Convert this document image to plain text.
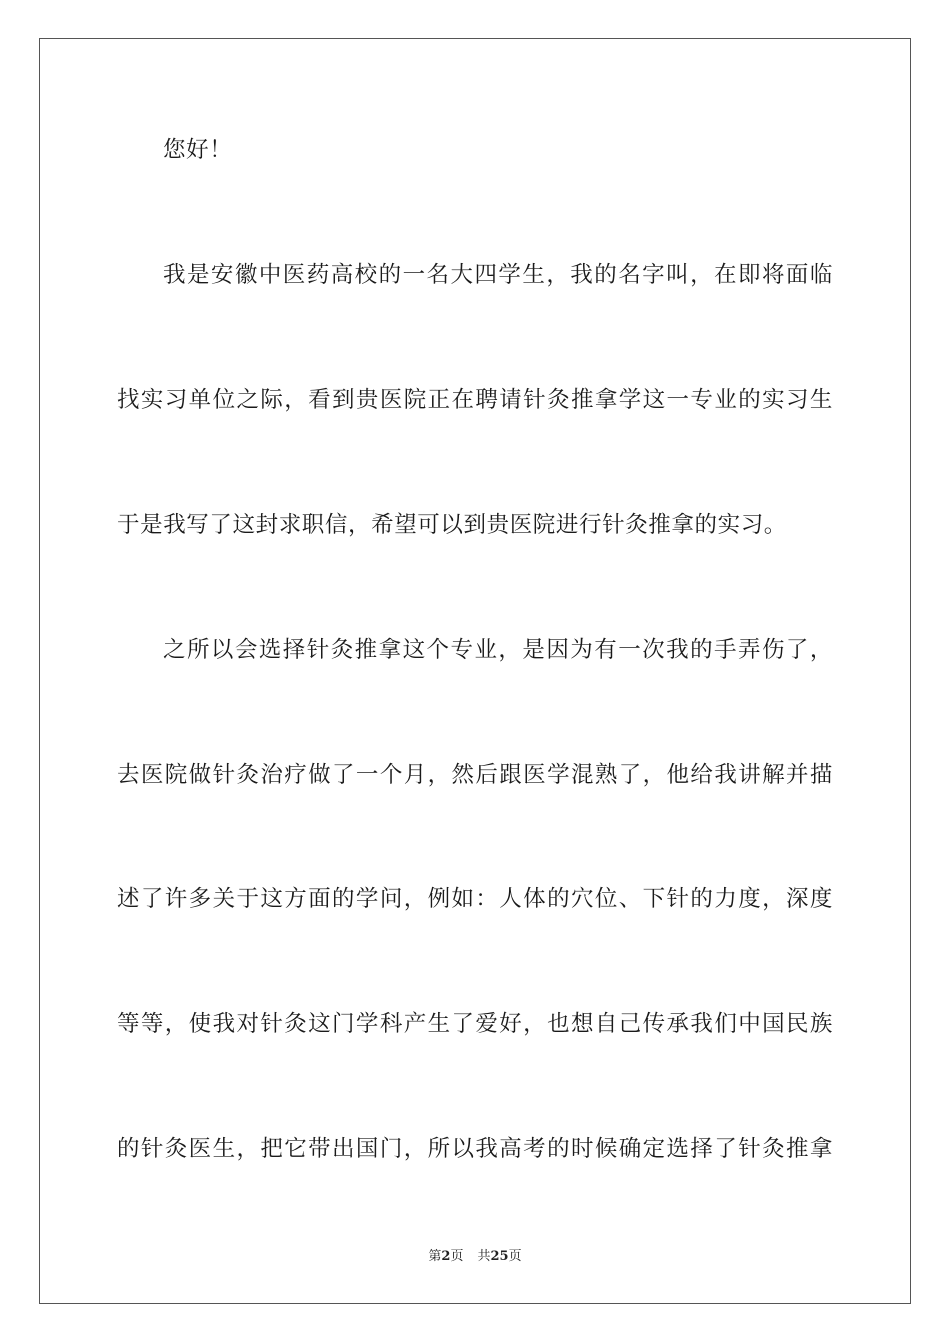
您好！
我是安徽中医药高校的一名大四学生，我的名字叫，在即将面临
找实习单位之际，看到贵医院正在聘请针灸推拿学这一专业的实习生
于是我写了这封求职信，希望可以到贵医院进行针灸推拿的实习。
之所以会选择针灸推拿这个专业，是因为有一次我的手弄伤了，
去医院做针灸治疗做了一个月，然后跟医学混熟了，他给我讲解并描
述了许多关于这方面的学问，例如：人体的穴位、下针的力度，深度
等等，使我对针灸这门学科产生了爱好，也想自己传承我们中国民族
的针灸医生，把它带出国门，所以我高考的时候确定选择了针灸推拿
第2页 共25页
